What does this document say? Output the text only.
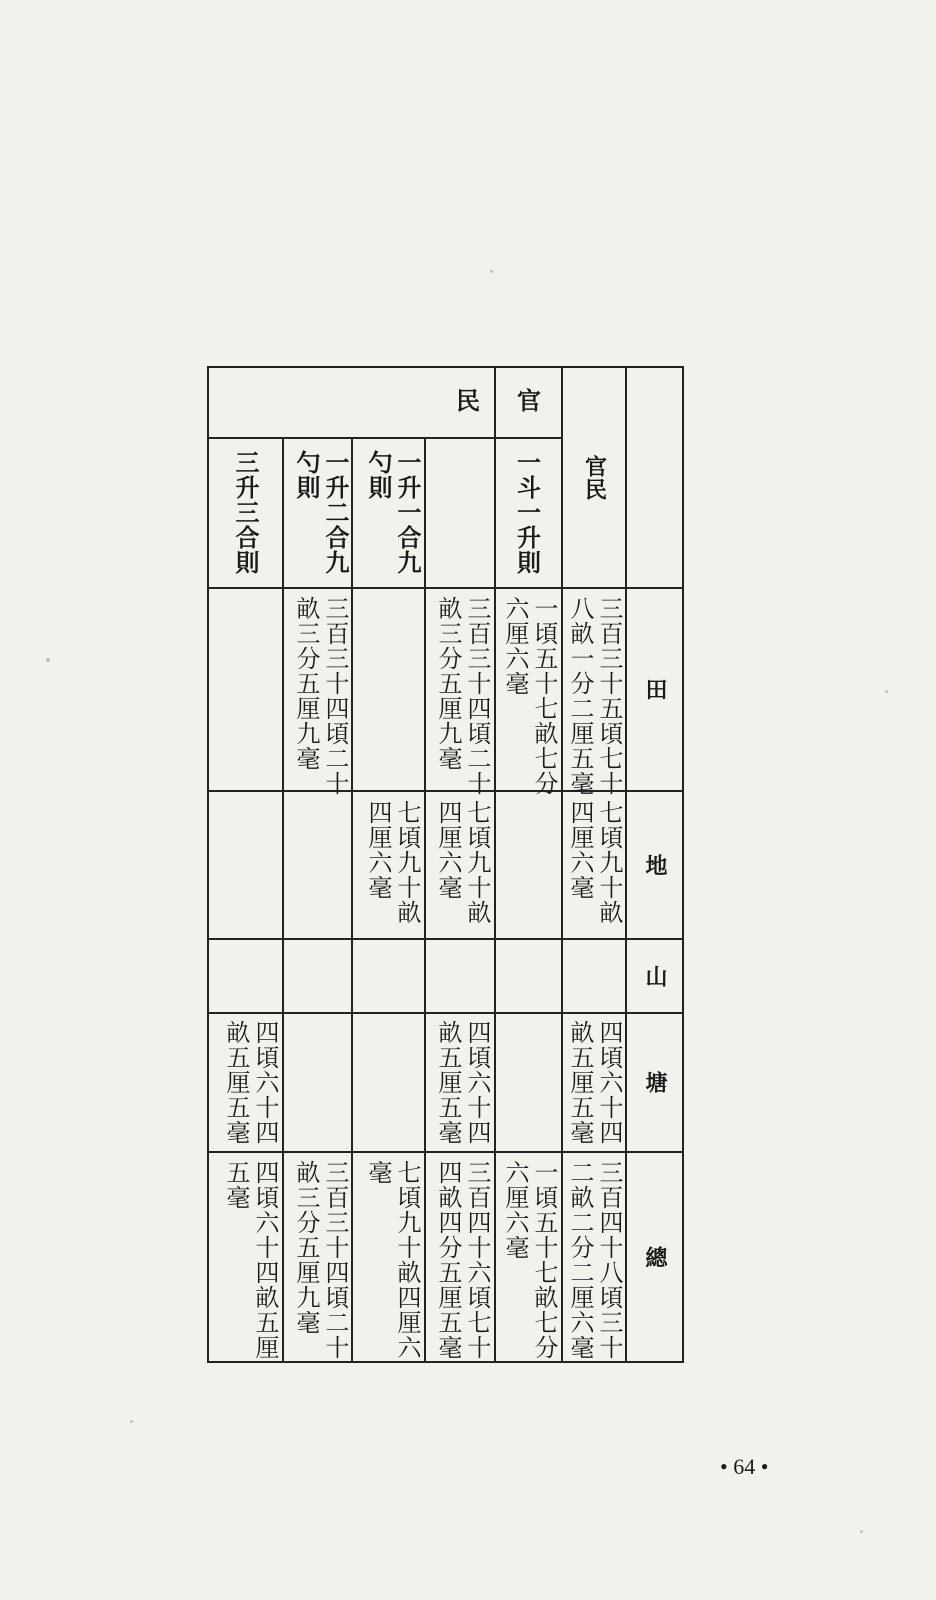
田
地
山
塘
總
官民
官
民
一斗一升則
一升一合九
勺則
一升二合九
勺則
三升三合則
三百三十五頃七十
八畝一分二厘五毫
七頃九十畝
四厘六毫
四頃六十四
畝五厘五毫
三百四十八頃三十
二畝二分二厘六毫
一頃五十七畝七分
六厘六毫
一頃五十七畝七分
六厘六毫
三百三十四頃二十
畝三分五厘九毫
七頃九十畝
四厘六毫
四頃六十四
畝五厘五毫
三百四十六頃七十
四畝四分五厘五毫
七頃九十畝
四厘六毫
七頃九十畝四厘六
毫
三百三十四頃二十
畝三分五厘九毫
三百三十四頃二十
畝三分五厘九毫
四頃六十四
畝五厘五毫
四頃六十四畝五厘
五毫
• 64 •
